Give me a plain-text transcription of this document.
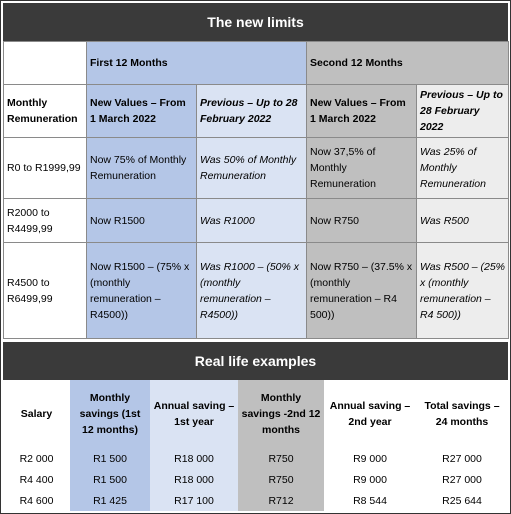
The new limits
	First 12 Months		Second 12 Months	
Monthly Remuneration	New Values – From 1 March 2022	Previous – Up to 28 February 2022	New Values – From 1 March 2022	Previous – Up to 28 February 2022
R0 to R1999,99	Now 75% of Monthly Remuneration	Was 50% of Monthly Remuneration	Now 37,5% of Monthly Remuneration	Was 25% of Monthly Remuneration
R2000 to R4499,99	Now R1500	Was R1000	Now R750	Was R500
R4500 to R6499,99	Now R1500 – (75% x (monthly remuneration – R4500))	Was R1000 – (50% x (monthly remuneration – R4500))	Now R750 – (37.5% x (monthly remuneration – R4 500))	Was R500 – (25% x (monthly remuneration – R4 500))
Real life examples
Salary	Monthly savings (1st 12 months)	Annual saving – 1st year	Monthly savings -2nd 12 months	Annual saving – 2nd year	Total savings – 24 months
R2 000	R1 500	R18 000	R750	R9 000	R27 000
R4 400	R1 500	R18 000	R750	R9 000	R27 000
R4 600	R1 425	R17 100	R712	R8 544	R25 644
